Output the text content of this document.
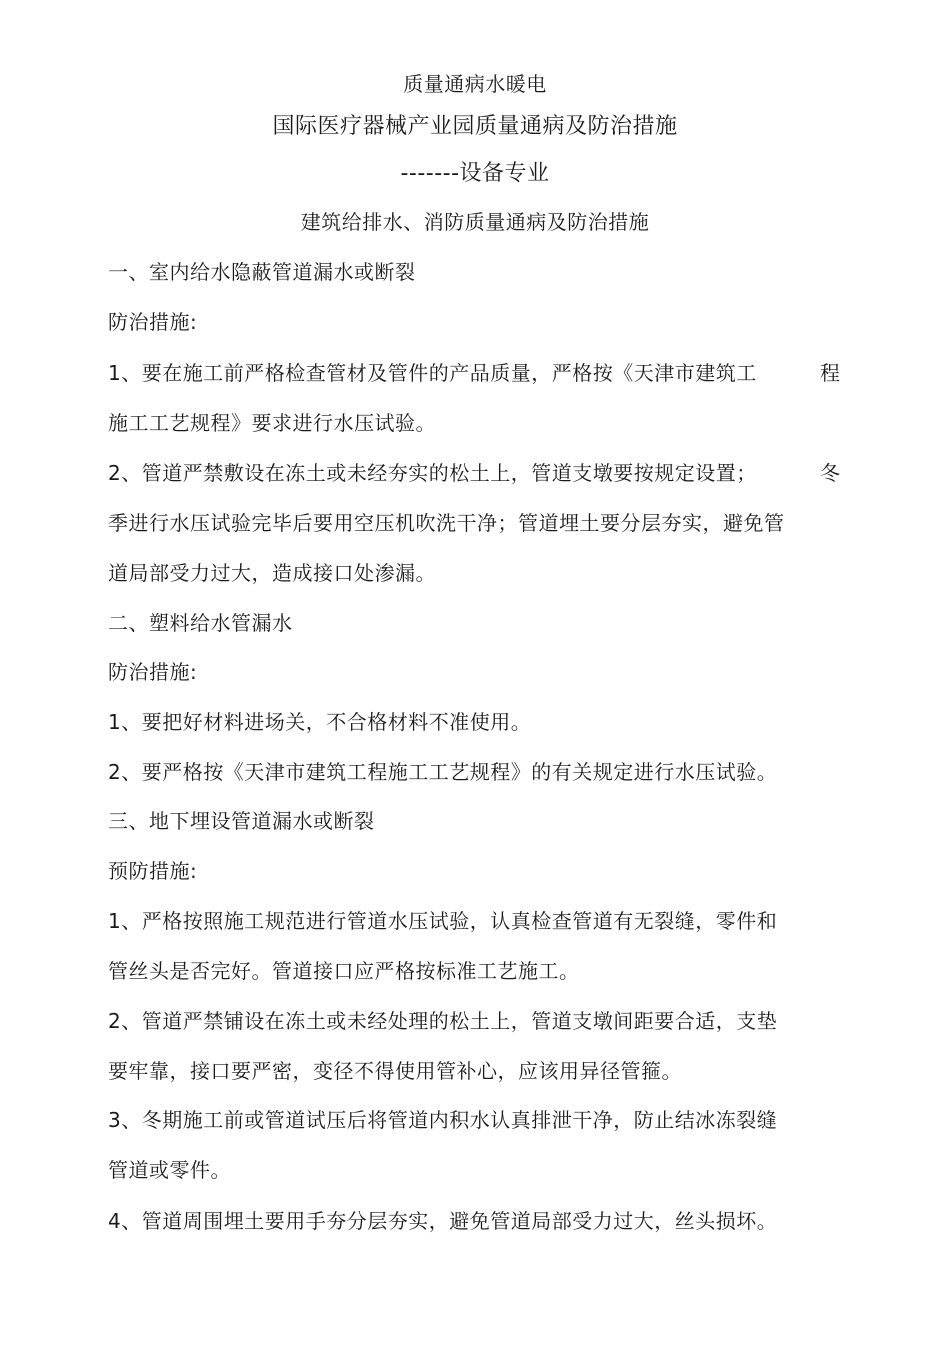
质量通病水暖电
国际医疗器械产业园质量通病及防治措施
-------设备专业
建筑给排水、消防质量通病及防治措施
一、室内给水隐蔽管道漏水或断裂
防治措施:
1、要在施工前严格检查管材及管件的产品质量，严格按《天津市建筑工	程
施工工艺规程》要求进行水压试验。
2、管道严禁敷设在冻土或未经夯实的松土上，管道支墩要按规定设置；	冬
季进行水压试验完毕后要用空压机吹洗干净；管道埋土要分层夯实，避免管
道局部受力过大，造成接口处渗漏。
二、塑料给水管漏水
防治措施:
1、要把好材料进场关，不合格材料不准使用。
2、要严格按《天津市建筑工程施工工艺规程》的有关规定进行水压试验。
三、地下埋设管道漏水或断裂
预防措施:
1、严格按照施工规范进行管道水压试验，认真检查管道有无裂缝，零件和
管丝头是否完好。管道接口应严格按标准工艺施工。
2、管道严禁铺设在冻土或未经处理的松土上，管道支墩间距要合适，支垫
要牢靠，接口要严密，变径不得使用管补心，应该用异径管箍。
3、冬期施工前或管道试压后将管道内积水认真排泄干净，防止结冰冻裂缝
管道或零件。
4、管道周围埋土要用手夯分层夯实，避免管道局部受力过大，丝头损坏。
